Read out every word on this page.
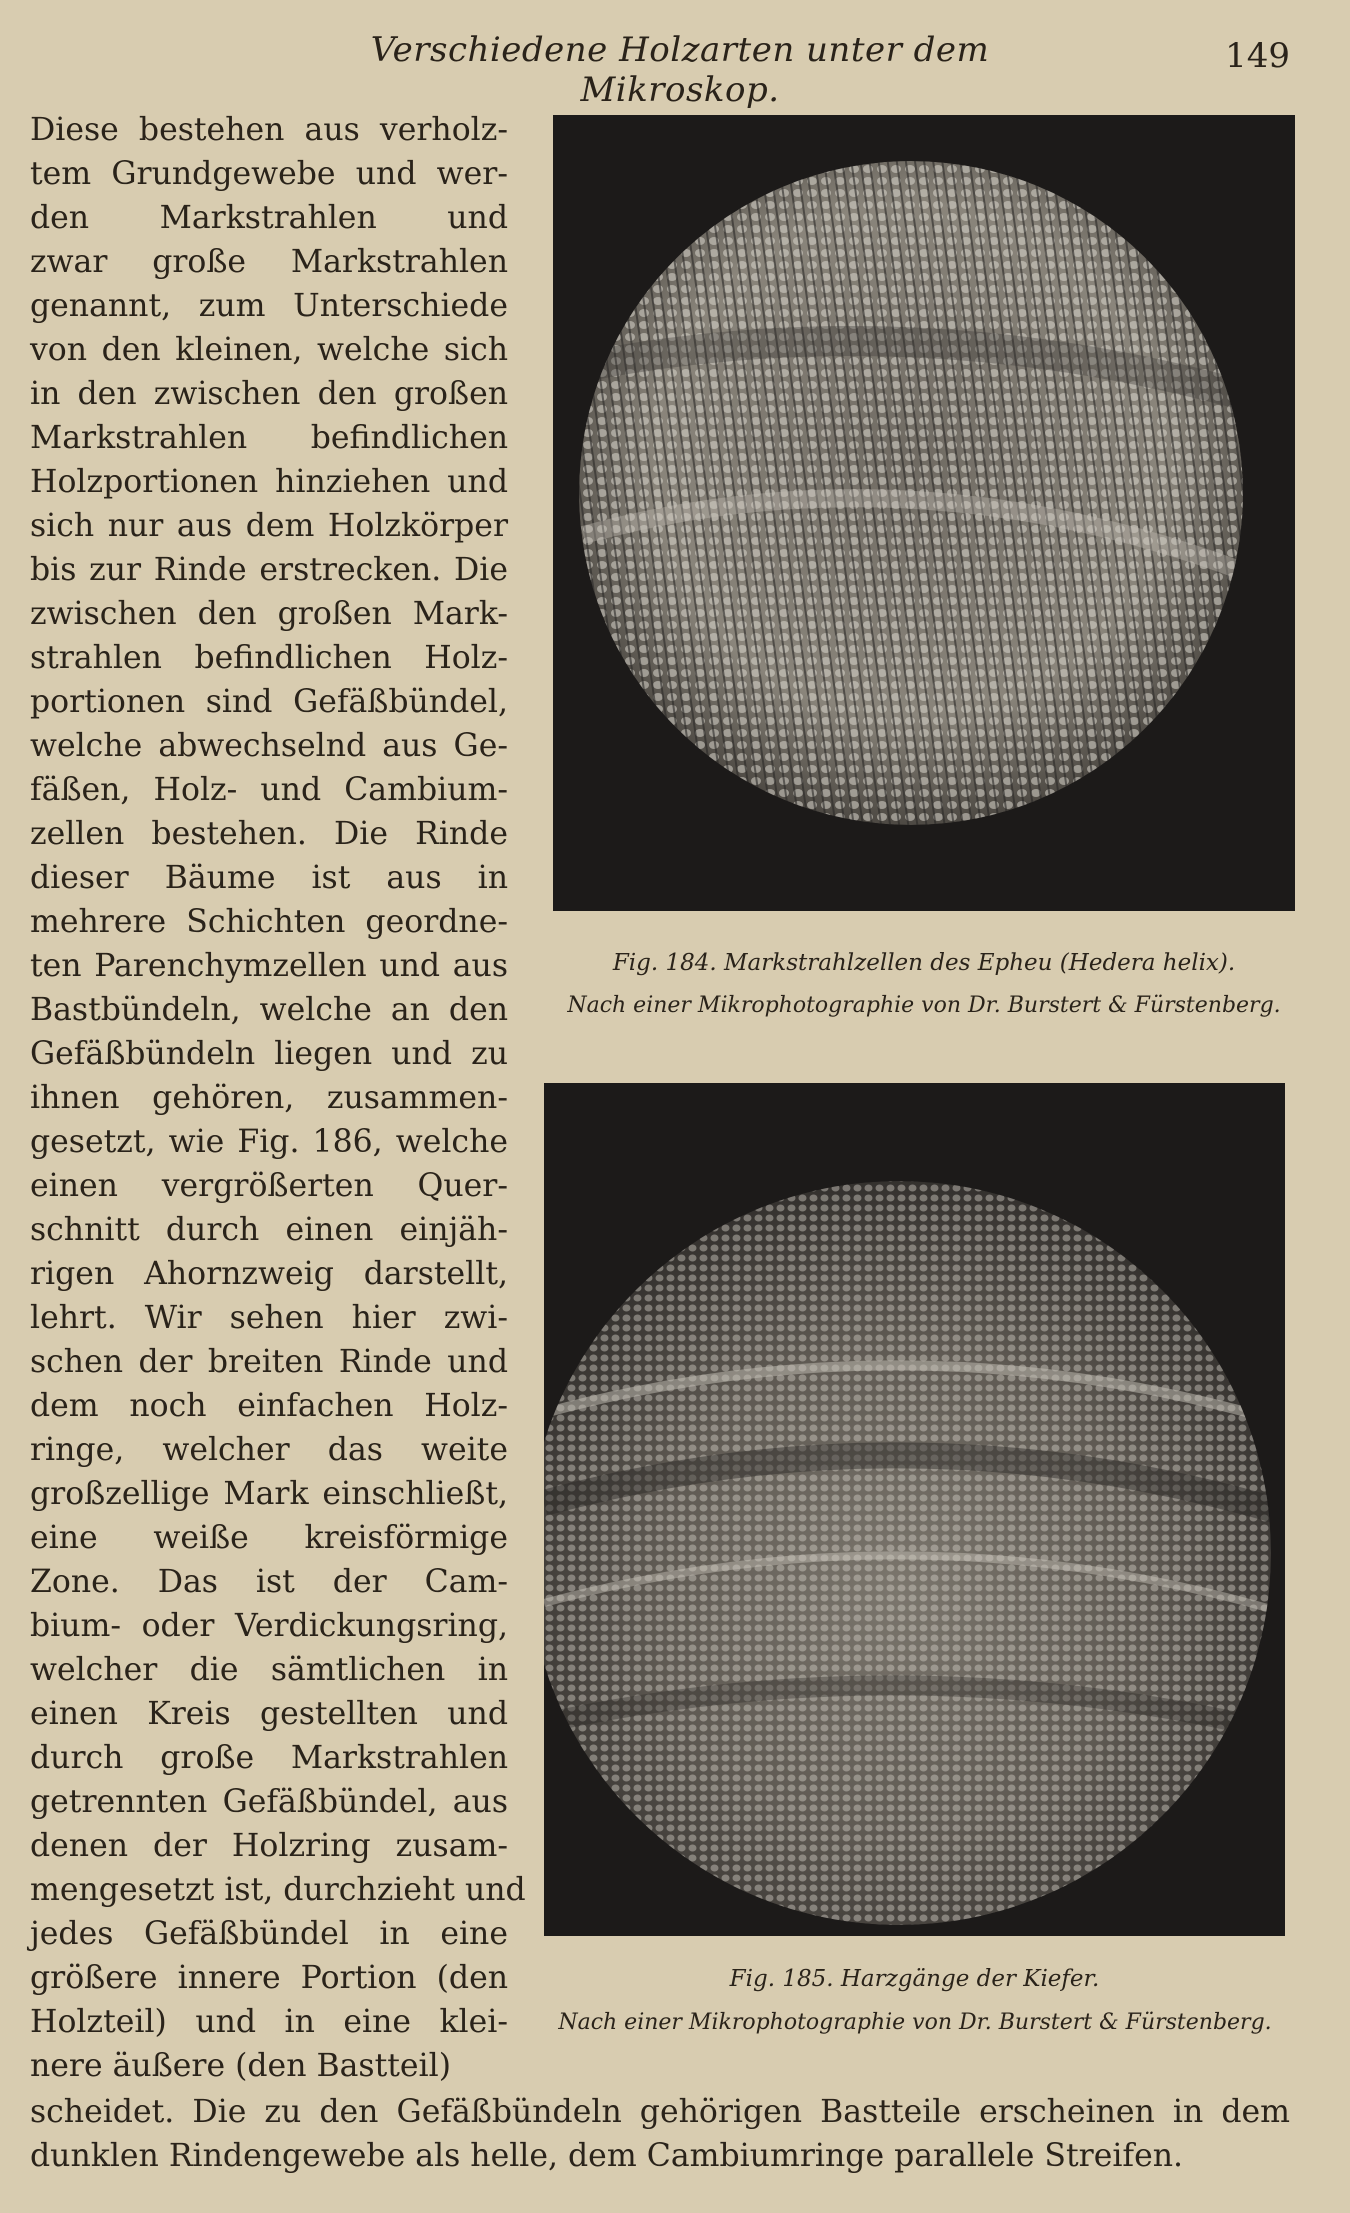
Verschiedene Holzarten unter dem Mikroskop.
149
Diese bestehen aus verholz-
tem Grundgewebe und wer-
den Markstrahlen und
zwar große Markstrahlen
genannt, zum Unterschiede
von den kleinen, welche sich
in den zwischen den großen
Markstrahlen befindlichen
Holzportionen hinziehen und
sich nur aus dem Holzkörper
bis zur Rinde erstrecken. Die
zwischen den großen Mark-
strahlen befindlichen Holz-
portionen sind Gefäßbündel,
welche abwechselnd aus Ge-
fäßen, Holz- und Cambium-
zellen bestehen. Die Rinde
dieser Bäume ist aus in
mehrere Schichten geordne-
ten Parenchymzellen und aus
Bastbündeln, welche an den
Gefäßbündeln liegen und zu
ihnen gehören, zusammen-
gesetzt, wie Fig. 186, welche
einen vergrößerten Quer-
schnitt durch einen einjäh-
rigen Ahornzweig darstellt,
lehrt. Wir sehen hier zwi-
schen der breiten Rinde und
dem noch einfachen Holz-
ringe, welcher das weite
großzellige Mark einschließt,
eine weiße kreisförmige
Zone. Das ist der Cam-
bium- oder Verdickungsring,
welcher die sämtlichen in
einen Kreis gestellten und
durch große Markstrahlen
getrennten Gefäßbündel, aus
denen der Holzring zusam-
mengesetzt ist, durchzieht und
jedes Gefäßbündel in eine
größere innere Portion (den
Holzteil) und in eine klei-
nere äußere (den Bastteil)
Fig. 184. Markstrahlzellen des Epheu (Hedera helix).
Nach einer Mikrophotographie von Dr. Burstert & Fürstenberg.
Fig. 185. Harzgänge der Kiefer.
Nach einer Mikrophotographie von Dr. Burstert & Fürstenberg.
scheidet. Die zu den Gefäßbündeln gehörigen Bastteile erscheinen in dem
dunklen Rindengewebe als helle, dem Cambiumringe parallele Streifen.
